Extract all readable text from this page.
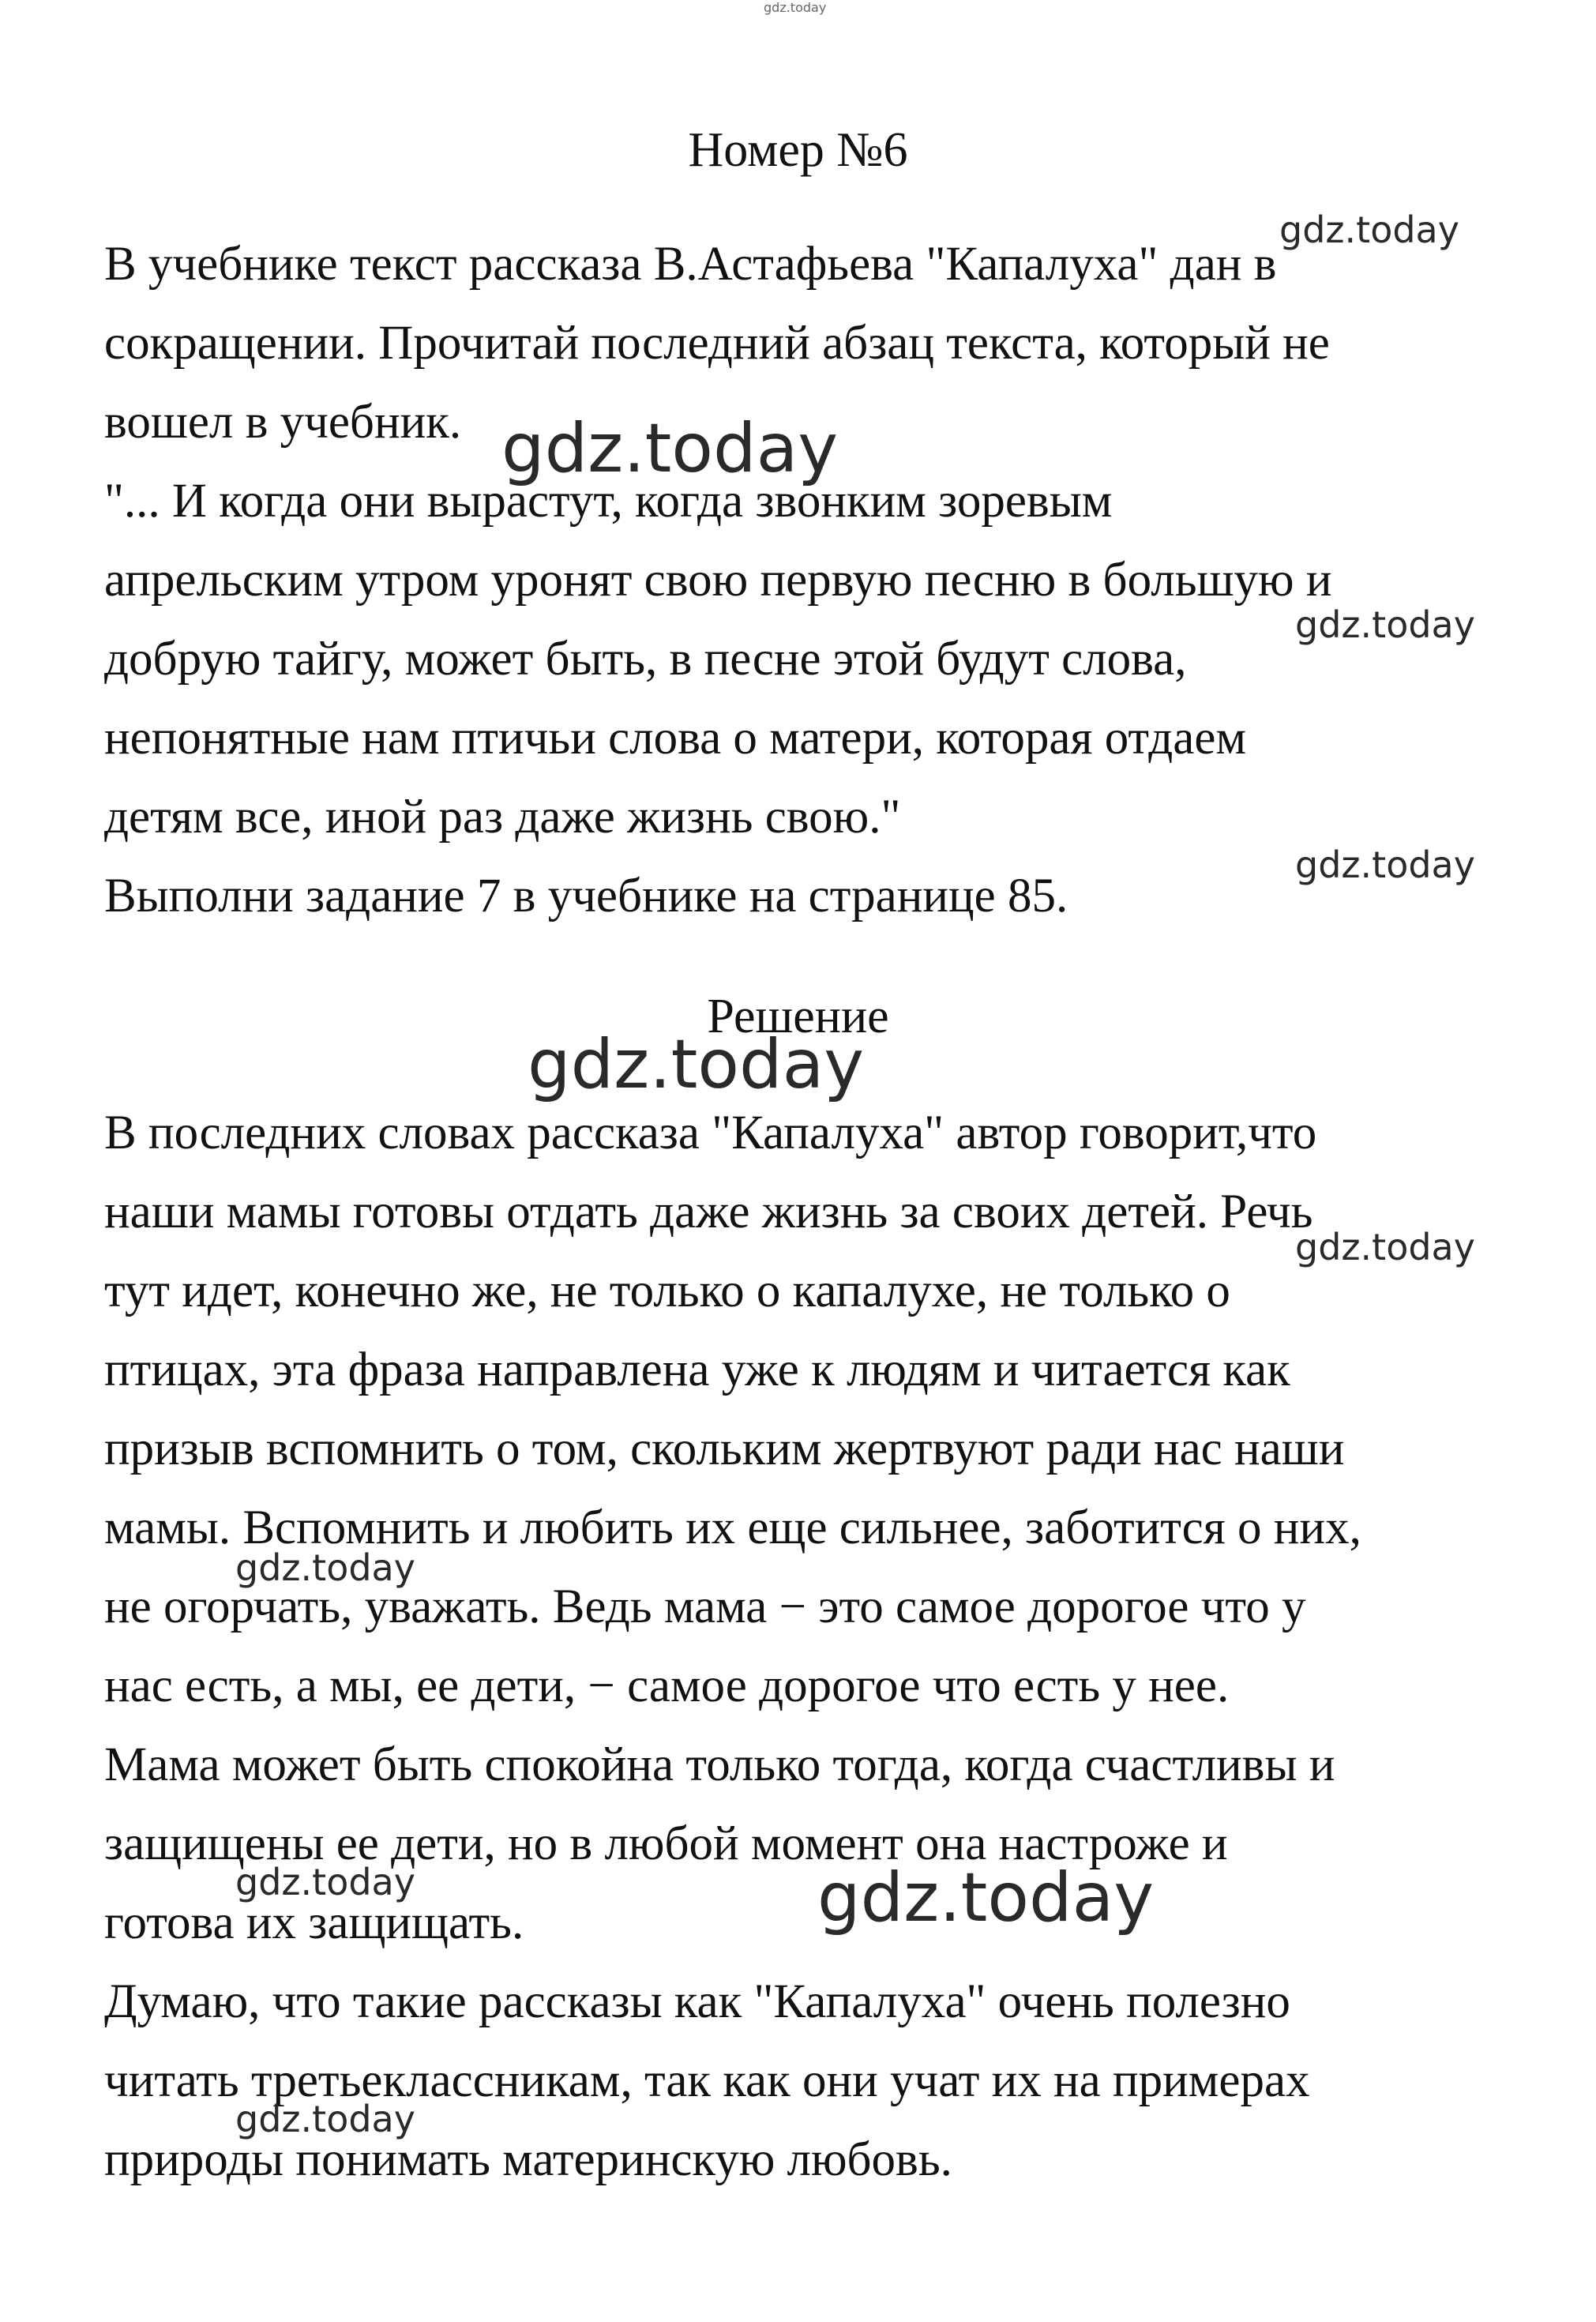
gdz.today
Номер №6
В учебнике текст рассказа В.Астафьева "Капалуха" дан в
сокращении. Прочитай последний абзац текста, который не
вошел в учебник.
"... И когда они вырастут, когда звонким зоревым
апрельским утром уронят свою первую песню в большую и
добрую тайгу, может быть, в песне этой будут слова,
непонятные нам птичьи слова о матери, которая отдаем
детям все, иной раз даже жизнь свою."
Выполни задание 7 в учебнике на странице 85.
Решение
В последних словах рассказа "Капалуха" автор говорит,что
наши мамы готовы отдать даже жизнь за своих детей. Речь
тут идет, конечно же, не только о капалухе, не только о
птицах, эта фраза направлена уже к людям и читается как
призыв вспомнить о том, скольким жертвуют ради нас наши
мамы. Вспомнить и любить их еще сильнее, заботится о них,
не огорчать, уважать. Ведь мама − это самое дорогое что у
нас есть, а мы, ее дети, − самое дорогое что есть у нее.
Мама может быть спокойна только тогда, когда счастливы и
защищены ее дети, но в любой момент она настроже и
готова их защищать.
Думаю, что такие рассказы как "Капалуха" очень полезно
читать третьеклассникам, так как они учат их на примерах
природы понимать материнскую любовь.
gdz.today
gdz.today
gdz.today
gdz.today
gdz.today
gdz.today
gdz.today
gdz.today	gdz.today
gdz.today
